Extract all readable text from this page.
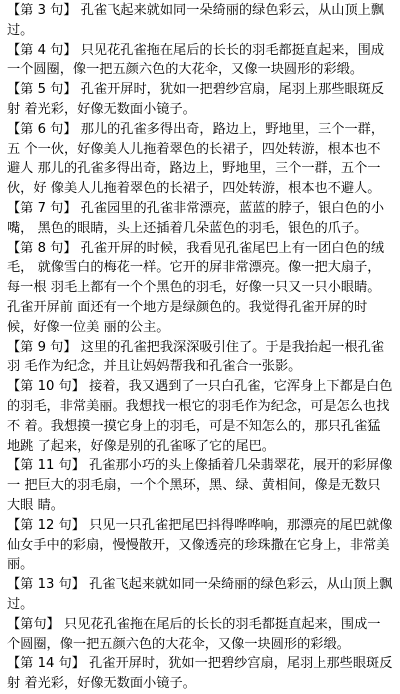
【第 3 句】 孔雀飞起来就如同一朵绮丽的绿色彩云，从山顶上飘过。

【第 4 句】 只见花孔雀拖在尾后的长长的羽毛都挺直起来，围成一个圆圈，像一把五颜六色的大花伞，又像一块圆形的彩缎。

【第 5 句】 孔雀开屏时，犹如一把碧纱宫扇，尾羽上那些眼斑反射 着光彩，好像无数面小镜子。

【第 6 句】 那儿的孔雀多得出奇，路边上，野地里，三个一群，五 个一伙，好像美人儿拖着翠色的长裙子，四处转游，根本也不避人 那儿的孔雀多得出奇，路边上，野地里，三个一群，五个一伙，好 像美人儿拖着翠色的长裙子，四处转游，根本也不避人。

【第 7 句】 孔雀园里的孔雀非常漂亮，蓝蓝的脖子，银白色的小嘴， 黑色的眼睛，头上还插着几朵蓝色的羽毛，银色的爪子。

【第 8 句】 孔雀开屏的时候，我看见孔雀尾巴上有一团白色的绒毛， 就像雪白的梅花一样。它开的屏非常漂亮。像一把大扇子，每一根 羽毛上都有一个个黑色的羽毛，好像一只又一只小眼睛。孔雀开屏前 面还有一个地方是绿颜色的。我觉得孔雀开屏的时候，好像一位美 丽的公主。

【第 9 句】 这里的孔雀把我深深吸引住了。于是我抬起一根孔雀羽 毛作为纪念，并且让妈妈帮我和孔雀合一张影。

【第 10 句】 接着，我又遇到了一只白孔雀，它浑身上下都是白色 的羽毛，非常美丽。我想找一根它的羽毛作为纪念，可是怎么也找不 着。我想摸一摸它身上的羽毛，可是不知怎么的，那只孔雀猛地跳 了起来，好像是别的孔雀啄了它的尾巴。

【第 11 句】 孔雀那小巧的头上像插着几朵翡翠花，展开的彩屏像一 把巨大的羽毛扇，一个个黑环，黑、绿、黄相间，像是无数只大眼 睛。

【第 12 句】 只见一只孔雀把尾巴抖得哗哗响，那漂亮的尾巴就像 仙女手中的彩扇，慢慢散开，又像透亮的珍珠撒在它身上，非常美 丽。

【第 13 句】 孔雀飞起来就如同一朵绮丽的绿色彩云，从山顶上飘过。

【第句】 只见花孔雀拖在尾后的长长的羽毛都挺直起来，围成一个圆圈，像一把五颜六色的大花伞，又像一块圆形的彩缎。

【第 14 句】 孔雀开屏时，犹如一把碧纱宫扇，尾羽上那些眼斑反射 着光彩，好像无数面小镜子。
